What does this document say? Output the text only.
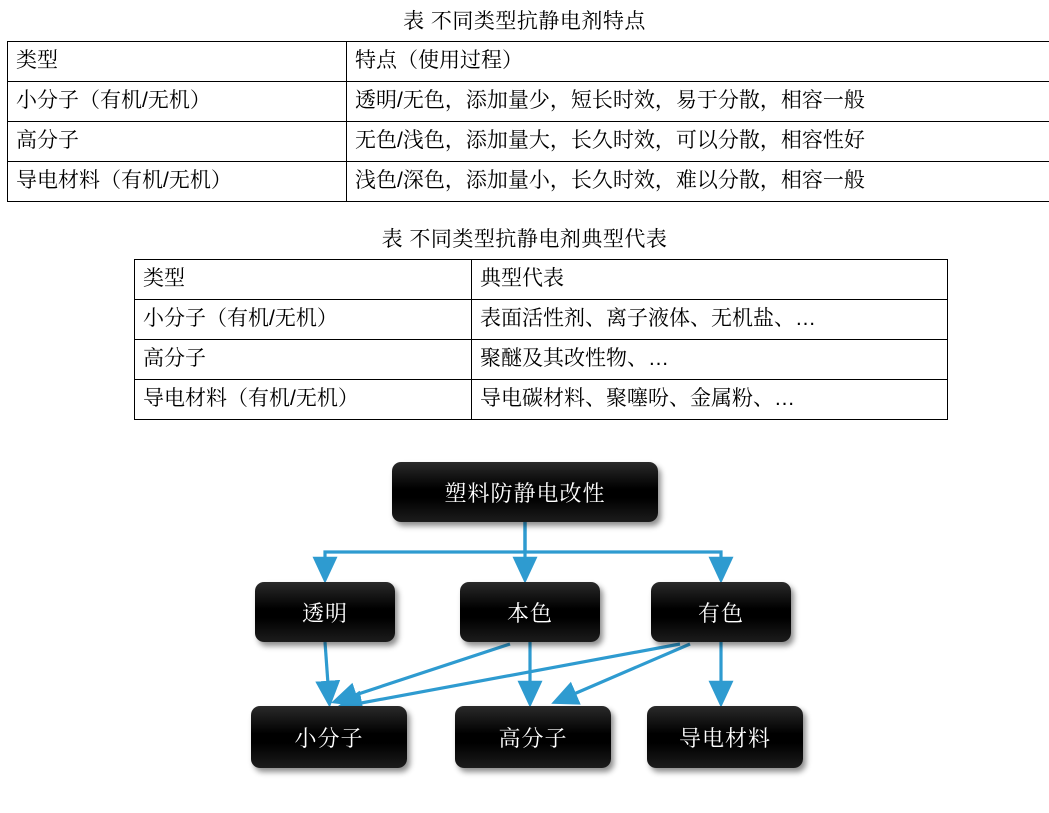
表 不同类型抗静电剂特点
类型	特点（使用过程）
小分子（有机/无机）	透明/无色，添加量少，短长时效，易于分散，相容一般
高分子	无色/浅色，添加量大，长久时效，可以分散，相容性好
导电材料（有机/无机）	浅色/深色，添加量小，长久时效，难以分散，相容一般
表 不同类型抗静电剂典型代表
类型	典型代表
小分子（有机/无机）	表面活性剂、离子液体、无机盐、…
高分子	聚醚及其改性物、…
导电材料（有机/无机）	导电碳材料、聚噻吩、金属粉、…
塑料防静电改性
透明	本色	有色
小分子	高分子	导电材料
